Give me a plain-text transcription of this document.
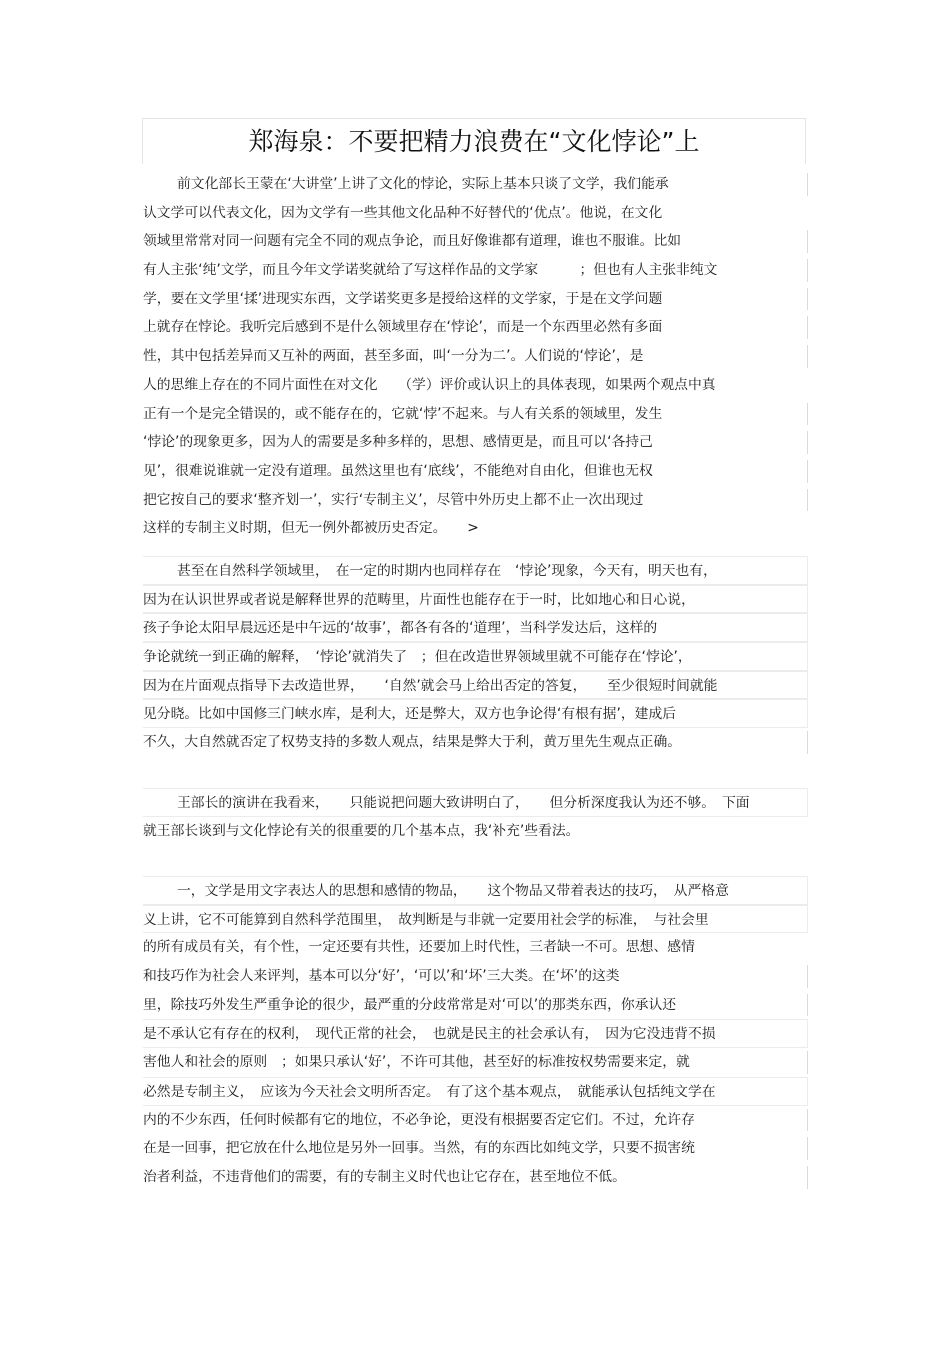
郑海泉：不要把精力浪费在“文化悖论”上
前文化部长王蒙在‘大讲堂’上讲了文化的悖论，实际上基本只谈了文学，我们能承
认文学可以代表文化，因为文学有一些其他文化品种不好替代的‘优点’。他说，在文化
领域里常常对同一问题有完全不同的观点争论，而且好像谁都有道理，谁也不服谁。比如
有人主张‘纯’文学，而且今年文学诺奖就给了写这样作品的文学家　　　；但也有人主张非纯文
学，要在文学里‘揉’进现实东西，文学诺奖更多是授给这样的文学家，于是在文学问题
上就存在悖论。我听完后感到不是什么领域里存在‘悖论’，而是一个东西里必然有多面
性，其中包括差异而又互补的两面，甚至多面，叫‘一分为二’。人们说的‘悖论’，是
人的思维上存在的不同片面性在对文化　　（学）评价或认识上的具体表现，如果两个观点中真
正有一个是完全错误的，或不能存在的，它就‘悖’不起来。与人有关系的领域里，发生
‘悖论’的现象更多，因为人的需要是多种多样的，思想、感情更是，而且可以‘各持己
见’，很难说谁就一定没有道理。虽然这里也有‘底线’，不能绝对自由化，但谁也无权
把它按自己的要求‘整齐划一’，实行‘专制主义’，尽管中外历史上都不止一次出现过
这样的专制主义时期，但无一例外都被历史否定。　　>
甚至在自然科学领域里，　在一定的时期内也同样存在　‘悖论’现象，今天有，明天也有，
因为在认识世界或者说是解释世界的范畴里，片面性也能存在于一时，比如地心和日心说，
孩子争论太阳早晨远还是中午远的‘故事’，都各有各的‘道理’，当科学发达后，这样的
争论就统一到正确的解释，　‘悖论’就消失了　；但在改造世界领域里就不可能存在‘悖论’，
因为在片面观点指导下去改造世界，　　‘自然’就会马上给出否定的答复，　　至少很短时间就能
见分晓。比如中国修三门峡水库，是利大，还是弊大，双方也争论得‘有根有据’，建成后
不久，大自然就否定了权势支持的多数人观点，结果是弊大于利，黄万里先生观点正确。
王部长的演讲在我看来，　　只能说把问题大致讲明白了，　　但分析深度我认为还不够。　下面
就王部长谈到与文化悖论有关的很重要的几个基本点，我‘补充’些看法。
一，文学是用文字表达人的思想和感情的物品，　　这个物品又带着表达的技巧，　从严格意
义上讲，它不可能算到自然科学范围里，　故判断是与非就一定要用社会学的标准，　与社会里
的所有成员有关，有个性，一定还要有共性，还要加上时代性，三者缺一不可。思想、感情
和技巧作为社会人来评判，基本可以分‘好’，‘可以’和‘坏’三大类。在‘坏’的这类
里，除技巧外发生严重争论的很少，最严重的分歧常常是对‘可以’的那类东西，你承认还
是不承认它有存在的权利，　现代正常的社会，　也就是民主的社会承认有，　因为它没违背不损
害他人和社会的原则　；如果只承认‘好’，不许可其他，甚至好的标准按权势需要来定，就
必然是专制主义，　应该为今天社会文明所否定。　有了这个基本观点，　就能承认包括纯文学在
内的不少东西，任何时候都有它的地位，不必争论，更没有根据要否定它们。不过，允许存
在是一回事，把它放在什么地位是另外一回事。当然，有的东西比如纯文学，只要不损害统
治者利益，不违背他们的需要，有的专制主义时代也让它存在，甚至地位不低。
